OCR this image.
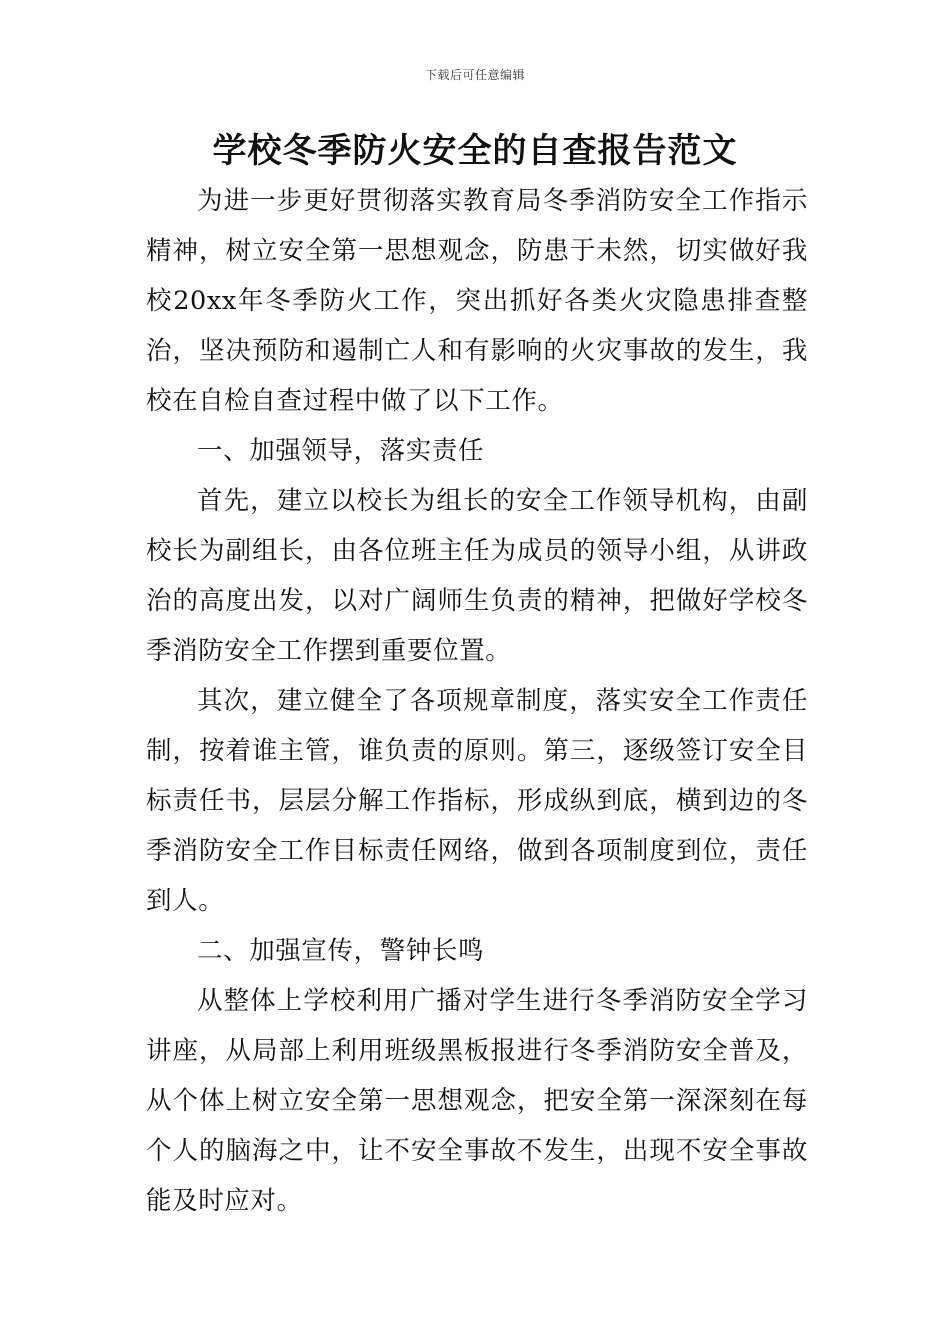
下载后可任意编辑
学校冬季防火安全的自查报告范文

为进一步更好贯彻落实教育局冬季消防安全工作指示精神，树立安全第一思想观念，防患于未然，切实做好我校20xx年冬季防火工作，突出抓好各类火灾隐患排查整治，坚决预防和遏制亡人和有影响的火灾事故的发生，我校在自检自查过程中做了以下工作。

一、加强领导，落实责任

首先，建立以校长为组长的安全工作领导机构，由副校长为副组长，由各位班主任为成员的领导小组，从讲政治的高度出发，以对广阔师生负责的精神，把做好学校冬季消防安全工作摆到重要位置。

其次，建立健全了各项规章制度，落实安全工作责任制，按着谁主管，谁负责的原则。第三，逐级签订安全目标责任书，层层分解工作指标，形成纵到底，横到边的冬季消防安全工作目标责任网络，做到各项制度到位，责任到人。

二、加强宣传，警钟长鸣

从整体上学校利用广播对学生进行冬季消防安全学习讲座，从局部上利用班级黑板报进行冬季消防安全普及，从个体上树立安全第一思想观念，把安全第一深深刻在每个人的脑海之中，让不安全事故不发生，出现不安全事故能及时应对。
